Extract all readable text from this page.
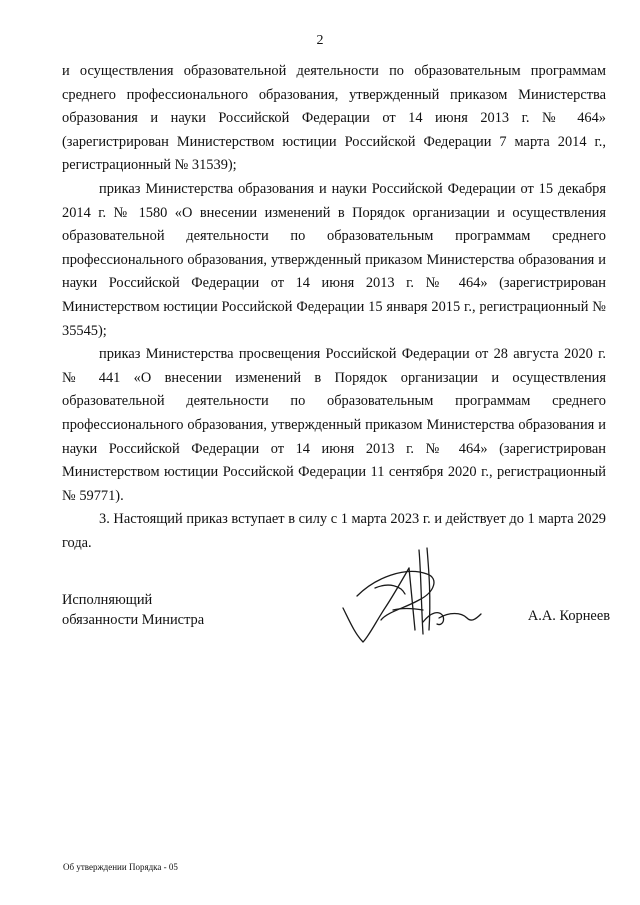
2

и осуществления образовательной деятельности по образовательным программам среднего профессионального образования, утвержденный приказом Министерства образования и науки Российской Федерации от 14 июня 2013 г. № 464» (зарегистрирован Министерством юстиции Российской Федерации 7 марта 2014 г., регистрационный № 31539);

приказ Министерства образования и науки Российской Федерации от 15 декабря 2014 г. № 1580 «О внесении изменений в Порядок организации и осуществления образовательной деятельности по образовательным программам среднего профессионального образования, утвержденный приказом Министерства образования и науки Российской Федерации от 14 июня 2013 г. № 464» (зарегистрирован Министерством юстиции Российской Федерации 15 января 2015 г., регистрационный № 35545);

приказ Министерства просвещения Российской Федерации от 28 августа 2020 г. № 441 «О внесении изменений в Порядок организации и осуществления образовательной деятельности по образовательным программам среднего профессионального образования, утвержденный приказом Министерства образования и науки Российской Федерации от 14 июня 2013 г. № 464» (зарегистрирован Министерством юстиции Российской Федерации 11 сентября 2020 г., регистрационный № 59771).

3. Настоящий приказ вступает в силу с 1 марта 2023 г. и действует до 1 марта 2029 года.

Исполняющий
обязанности Министра	А.А. Корнеев

Об утверждении Порядка - 05
